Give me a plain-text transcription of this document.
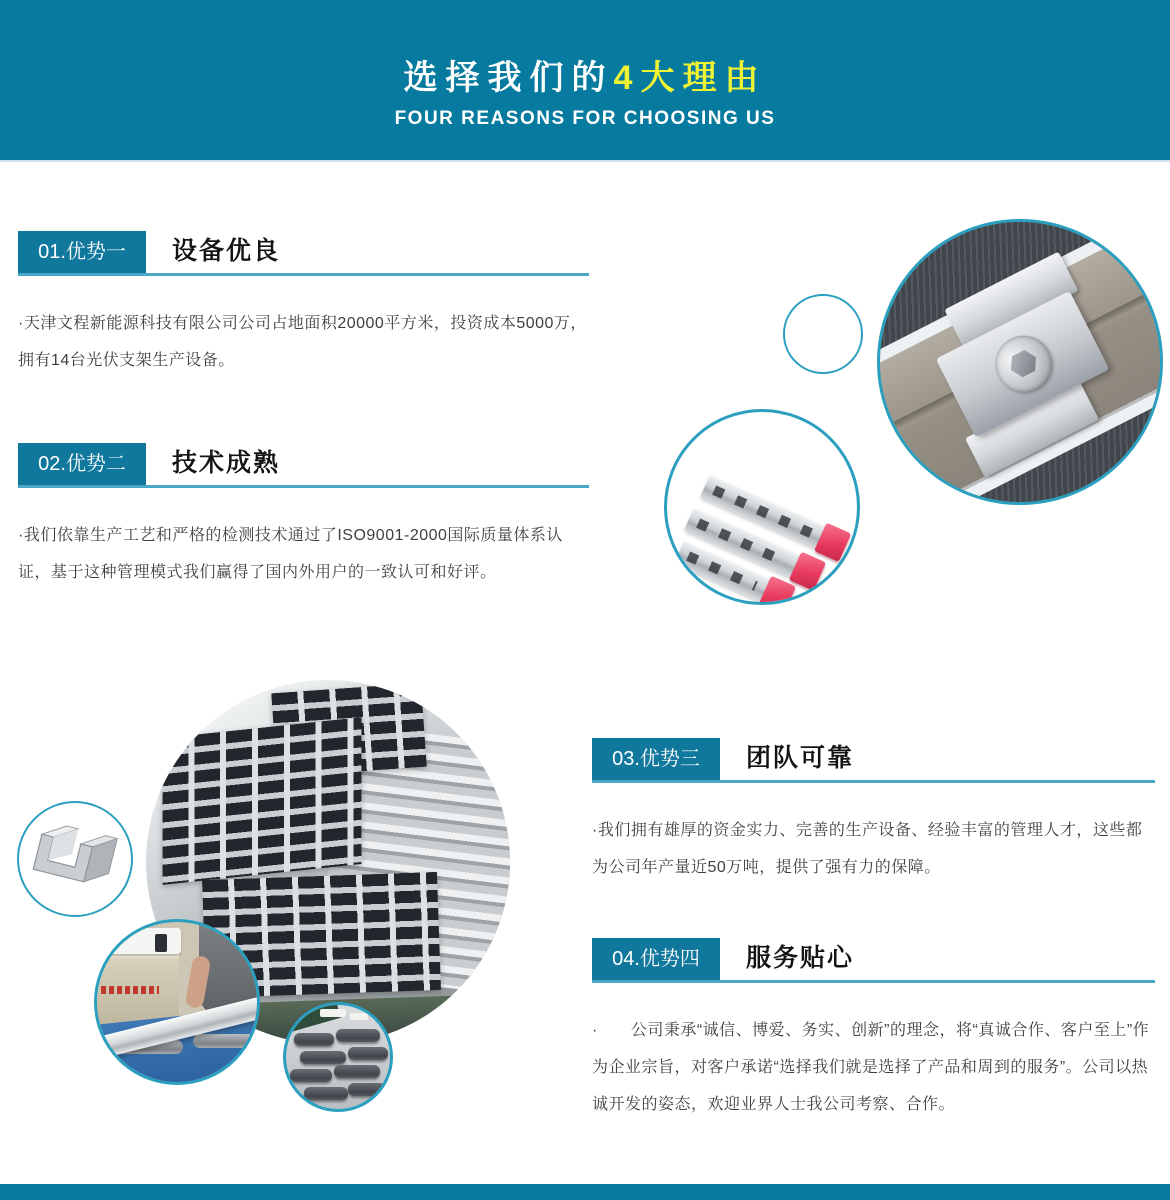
选择我们的4大理由

FOUR REASONS FOR CHOOSING US

01.优势一	设备优良

·天津文程新能源科技有限公司公司占地面积20000平方米，投资成本5000万，拥有14台光伏支架生产设备。

02.优势二	技术成熟

·我们依靠生产工艺和严格的检测技术通过了ISO9001-2000国际质量体系认证，基于这种管理模式我们赢得了国内外用户的一致认可和好评。

03.优势三	团队可靠

·我们拥有雄厚的资金实力、完善的生产设备、经验丰富的管理人才，这些都为公司年产量近50万吨，提供了强有力的保障。

04.优势四	服务贴心

·　　公司秉承“诚信、博爱、务实、创新”的理念，将“真诚合作、客户至上”作为企业宗旨，对客户承诺“选择我们就是选择了产品和周到的服务”。公司以热诚开发的姿态，欢迎业界人士我公司考察、合作。
